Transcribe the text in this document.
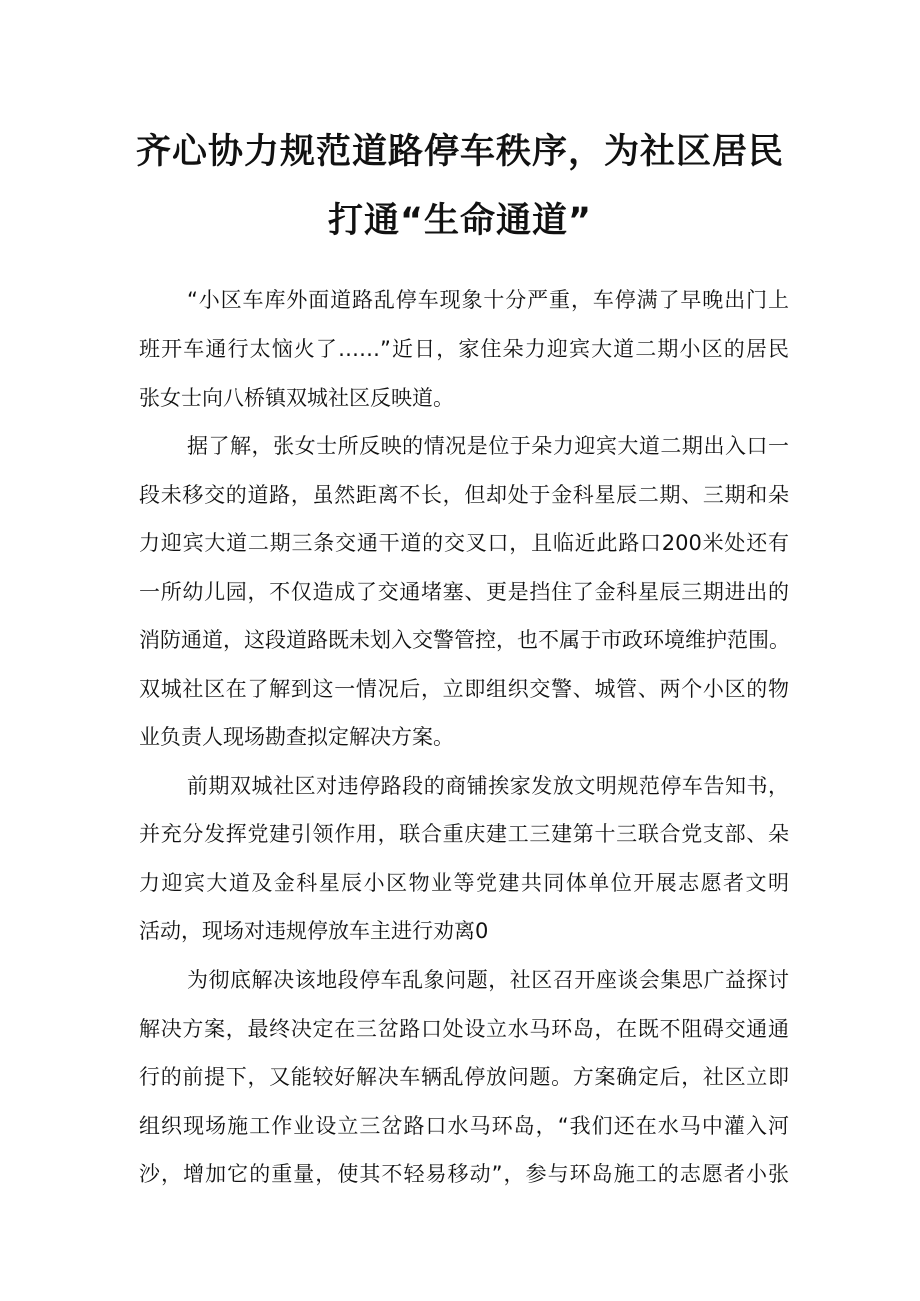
齐心协力规范道路停车秩序，为社区居民
打通“生命通道”
“小区车库外面道路乱停车现象十分严重，车停满了早晚出门上
班开车通行太恼火了……”近日，家住朵力迎宾大道二期小区的居民
张女士向八桥镇双城社区反映道。
据了解，张女士所反映的情况是位于朵力迎宾大道二期出入口一
段未移交的道路，虽然距离不长，但却处于金科星辰二期、三期和朵
力迎宾大道二期三条交通干道的交叉口，且临近此路口200米处还有
一所幼儿园，不仅造成了交通堵塞、更是挡住了金科星辰三期进出的
消防通道，这段道路既未划入交警管控，也不属于市政环境维护范围。
双城社区在了解到这一情况后，立即组织交警、城管、两个小区的物
业负责人现场勘查拟定解决方案。
前期双城社区对违停路段的商铺挨家发放文明规范停车告知书，
并充分发挥党建引领作用，联合重庆建工三建第十三联合党支部、朵
力迎宾大道及金科星辰小区物业等党建共同体单位开展志愿者文明
活动，现场对违规停放车主进行劝离0
为彻底解决该地段停车乱象问题，社区召开座谈会集思广益探讨
解决方案，最终决定在三岔路口处设立水马环岛，在既不阻碍交通通
行的前提下，又能较好解决车辆乱停放问题。方案确定后，社区立即
组织现场施工作业设立三岔路口水马环岛，“我们还在水马中灌入河
沙，增加它的重量，使其不轻易移动”，参与环岛施工的志愿者小张
